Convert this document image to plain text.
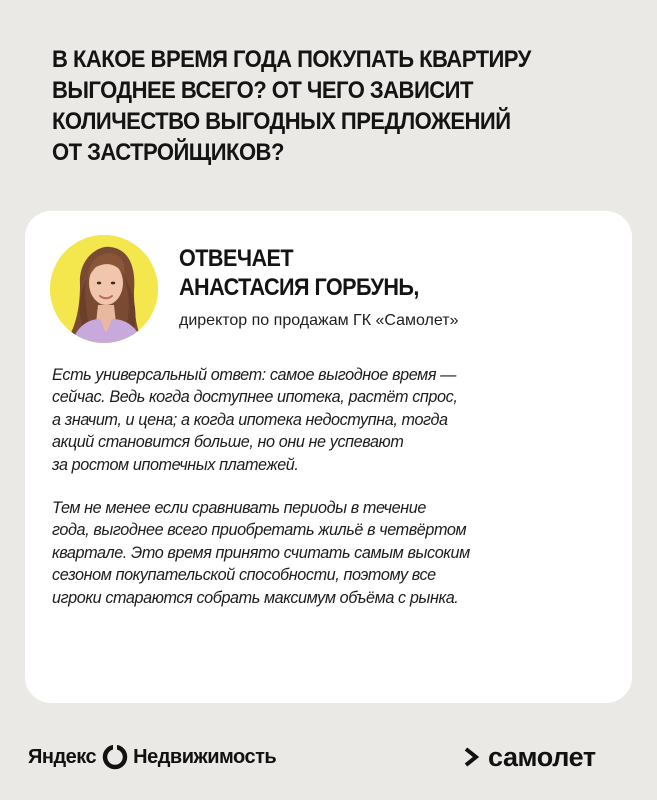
В КАКОЕ ВРЕМЯ ГОДА ПОКУПАТЬ КВАРТИРУ
ВЫГОДНЕЕ ВСЕГО? ОТ ЧЕГО ЗАВИСИТ
КОЛИЧЕСТВО ВЫГОДНЫХ ПРЕДЛОЖЕНИЙ
ОТ ЗАСТРОЙЩИКОВ?
ОТВЕЧАЕТ
АНАСТАСИЯ ГОРБУНЬ,
директор по продажам ГК «Самолет»

Есть универсальный ответ: самое выгодное время —
сейчас. Ведь когда доступнее ипотека, растёт спрос,
а значит, и цена; а когда ипотека недоступна, тогда
акций становится больше, но они не успевают
за ростом ипотечных платежей.

Тем не менее если сравнивать периоды в течение
года, выгоднее всего приобретать жильё в четвёртом
квартале. Это время принято считать самым высоким
сезоном покупательской способности, поэтому все
игроки стараются собрать максимум объёма с рынка.

Яндекс Недвижимость	самолет
